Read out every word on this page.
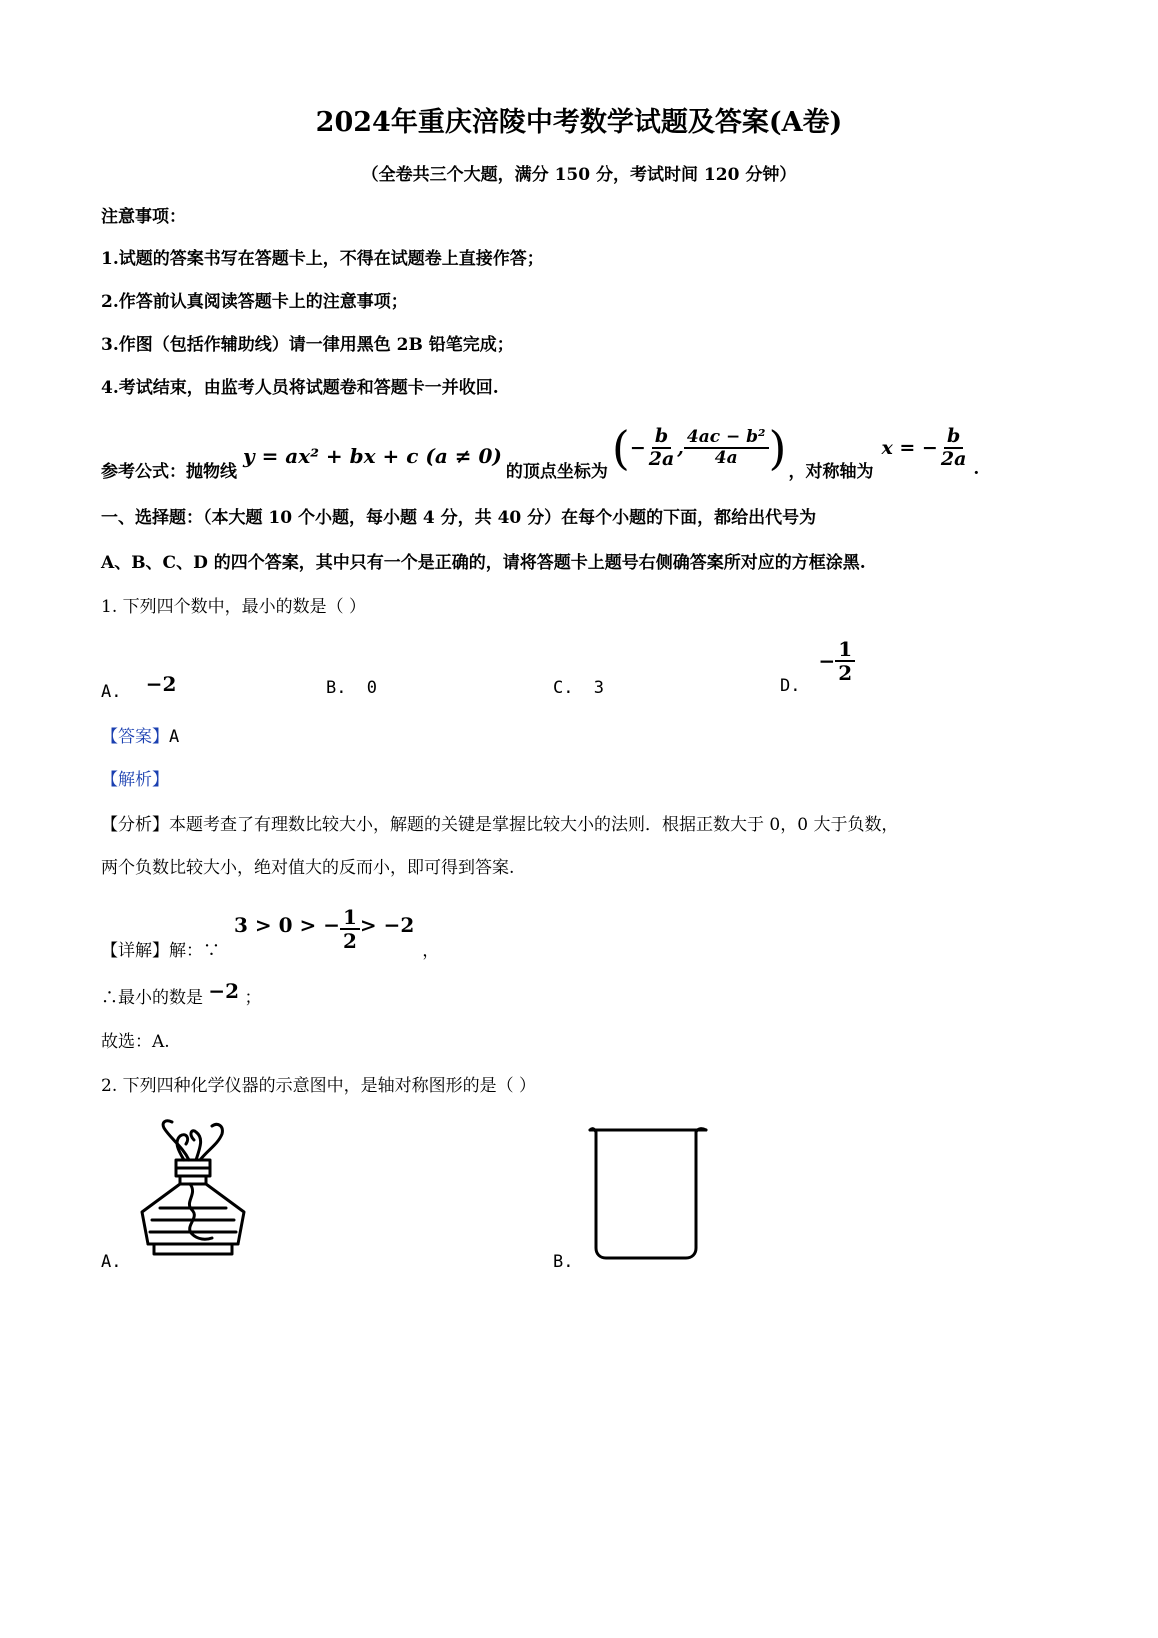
2024年重庆涪陵中考数学试题及答案(A卷)
（全卷共三个大题，满分 150 分，考试时间 120 分钟）
注意事项：
1.试题的答案书写在答题卡上，不得在试题卷上直接作答；
2.作答前认真阅读答题卡上的注意事项；
3.作图（包括作辅助线）请一律用黑色 2B 铅笔完成；
4.考试结束，由监考人员将试题卷和答题卡一并收回.
参考公式：抛物线
y = ax² + bx + c (a ≠ 0)
的顶点坐标为 ( − $\frac{b}{2a}$ , $\frac{\text{4ac − b²}}{4a}$ ) ，对称轴为
x = − $\frac{b}{2a}$ .
一、选择题：（本大题 10 个小题，每小题 4 分，共 40 分）在每个小题的下面，都给出代号为
A、B、C、D 的四个答案，其中只有一个是正确的，请将答题卡上题号右侧确答案所对应的方框涂黑.
1. 下列四个数中，最小的数是（ ）
A. −2	B. 0	C. 3	D.
− $\frac{1}{2}$
【答案】A
【解析】
【分析】本题考查了有理数比较大小，解题的关键是掌握比较大小的法则．根据正数大于 0，0 大于负数，
两个负数比较大小，绝对值大的反而小，即可得到答案.
【详解】解：∵
3 > 0 > − $\frac{1}{2} > -2$
，
∴最小的数是 −2 ；
故选：A.
2. 下列四种化学仪器的示意图中，是轴对称图形的是（ ）
A.	B.
